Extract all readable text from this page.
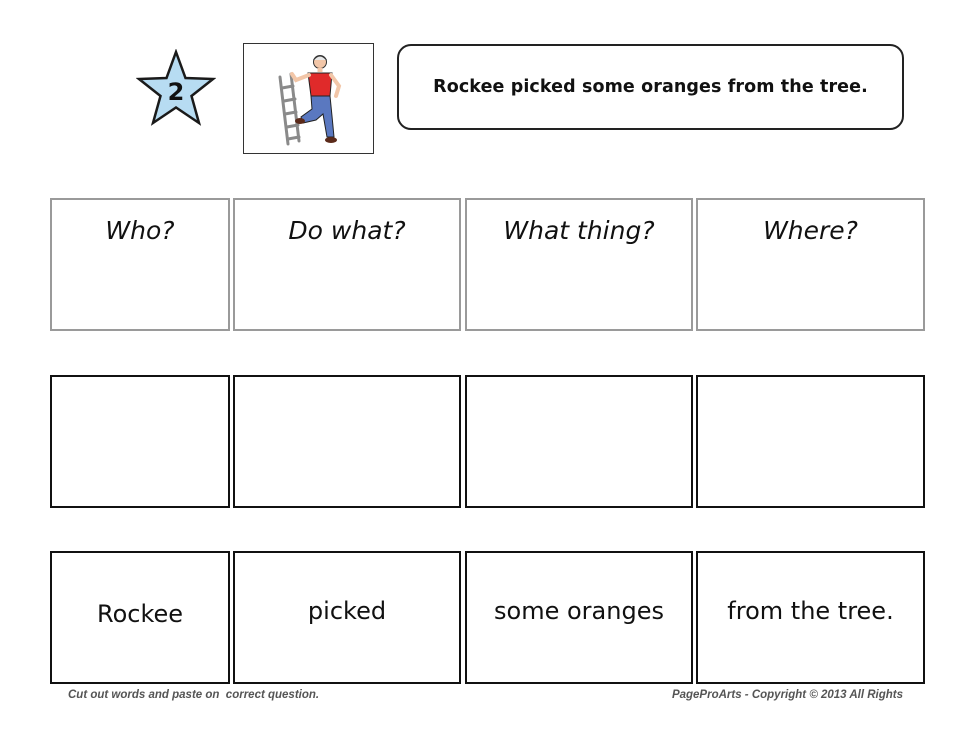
2	Rockee picked some oranges from the tree.
Who?	Do what?	What thing?	Where?
Rockee	picked	some oranges	from the tree.
Cut out words and paste on  correct question.	PageProArts - Copyright © 2013 All Rights
